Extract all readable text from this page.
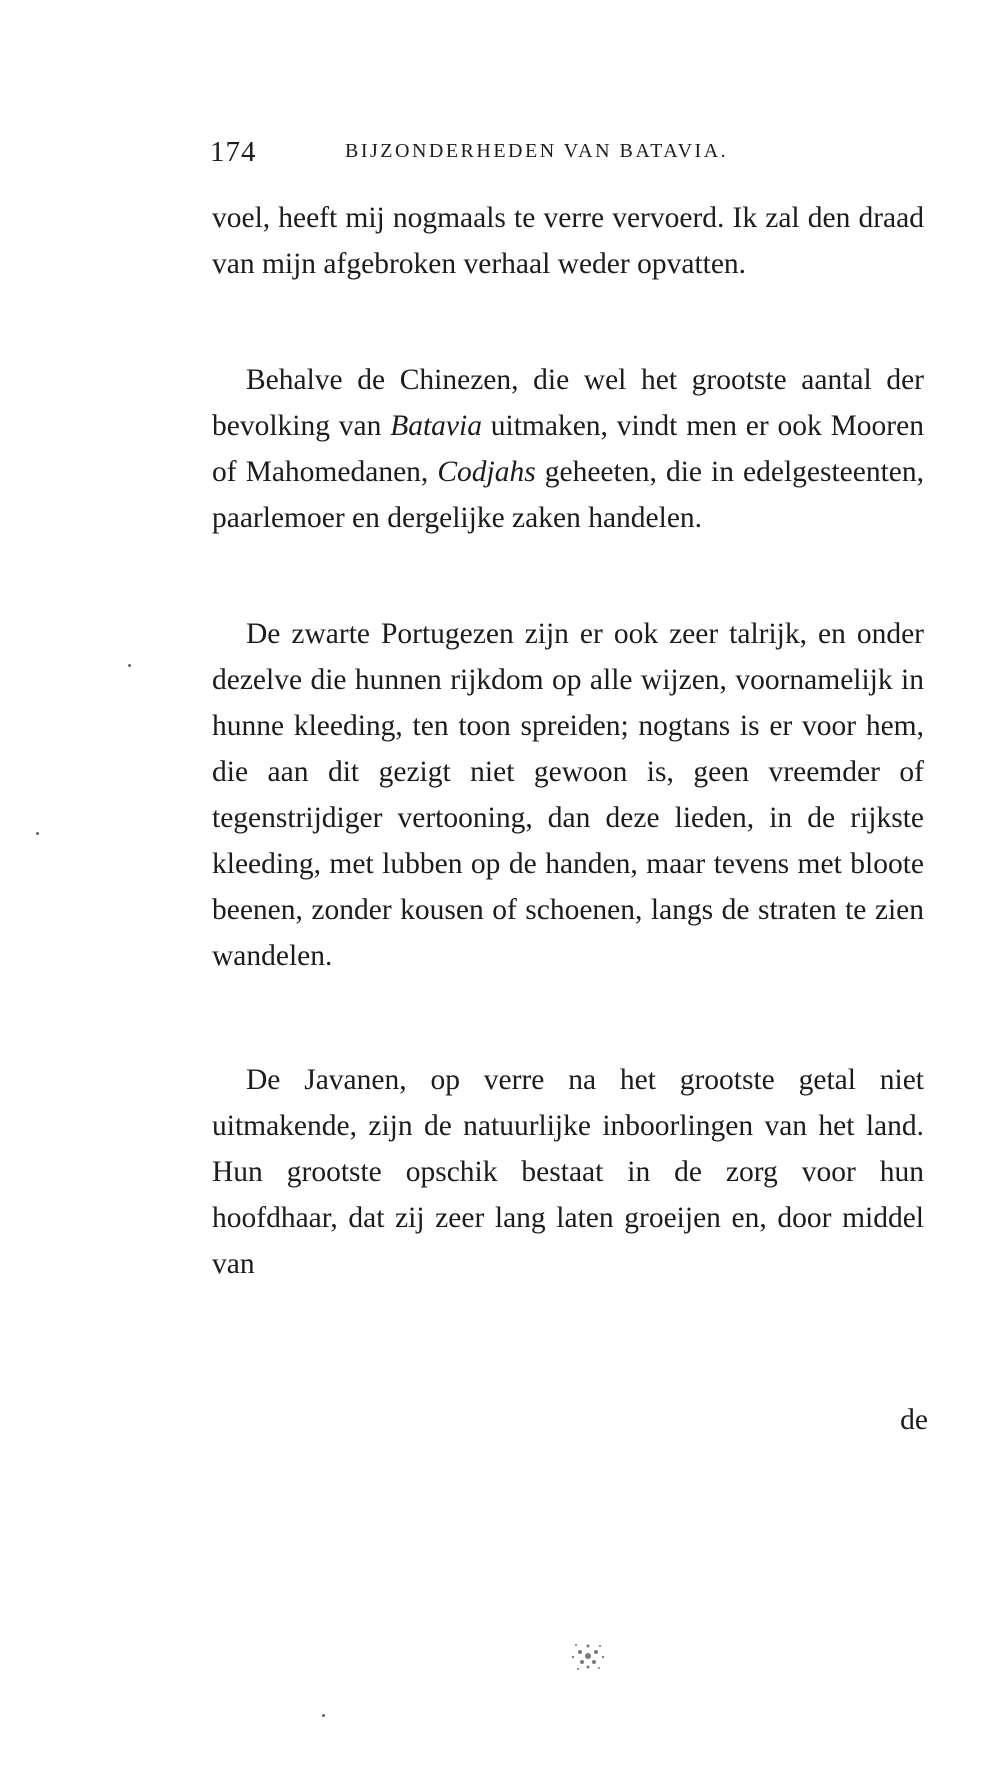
174	BIJZONDERHEDEN VAN BATAVIA.

voel, heeft mij nogmaals te verre vervoerd. Ik zal den draad van mijn afgebroken verhaal weder opvatten.

Behalve de Chinezen, die wel het grootste aantal der bevolking van Batavia uitmaken, vindt men er ook Mooren of Mahomedanen, Codjahs geheeten, die in edelgesteenten, paarlemoer en dergelijke zaken handelen.

De zwarte Portugezen zijn er ook zeer talrijk, en onder dezelve die hunnen rijkdom op alle wijzen, voornamelijk in hunne kleeding, ten toon spreiden; nogtans is er voor hem, die aan dit gezigt niet gewoon is, geen vreemder of tegenstrijdiger vertooning, dan deze lieden, in de rijkste kleeding, met lubben op de handen, maar tevens met bloote beenen, zonder kousen of schoenen, langs de straten te zien wandelen.

De Javanen, op verre na het grootste getal niet uitmakende, zijn de natuurlijke inboorlingen van het land. Hun grootste opschik bestaat in de zorg voor hun hoofdhaar, dat zij zeer lang laten groeijen en, door middel van

de
